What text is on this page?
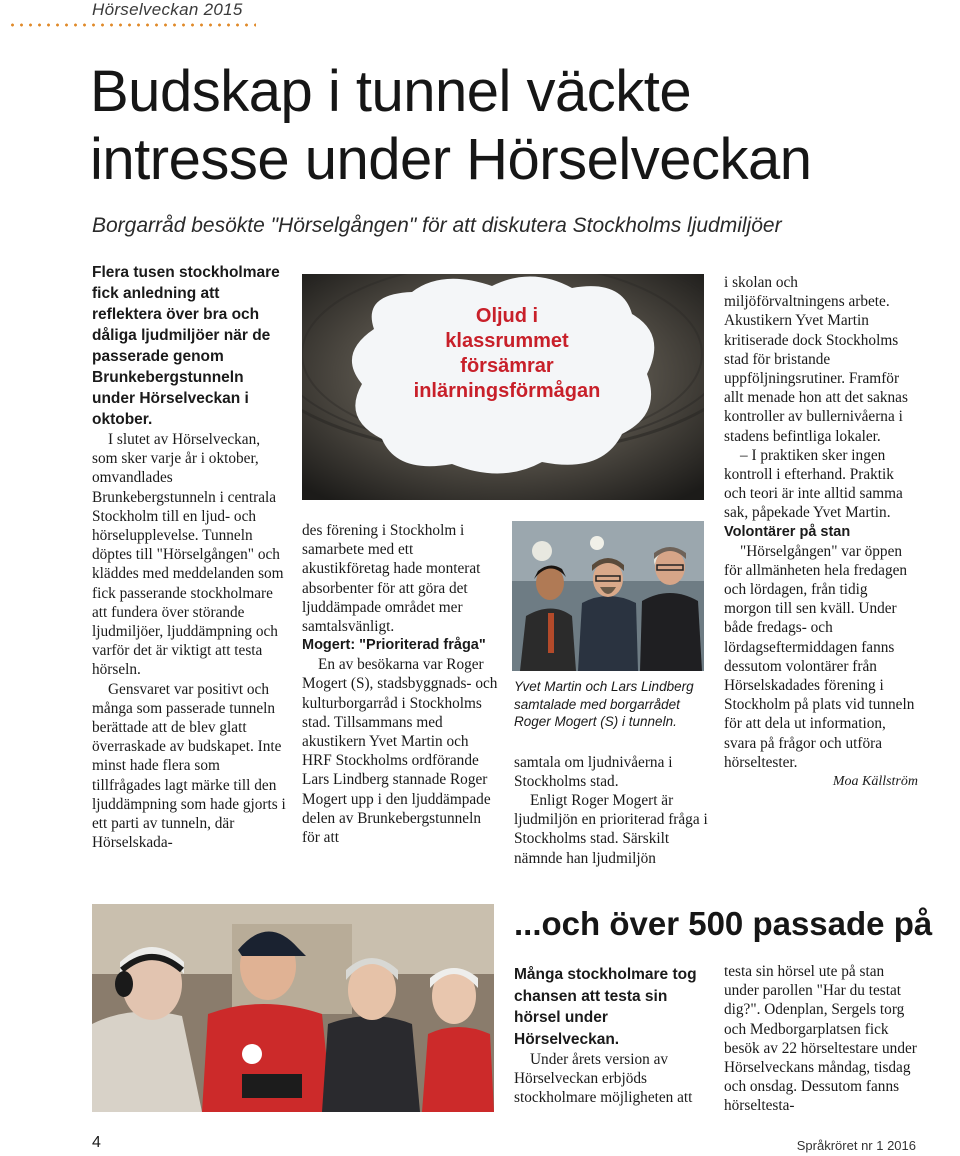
Hörselveckan 2015
Budskap i tunnel väckte
intresse under Hörselveckan
Borgarråd besökte "Hörselgången" för att diskutera Stockholms ljudmiljöer

Flera tusen stockholmare fick anledning att reflektera över bra och dåliga ljudmiljöer när de passerade genom Brunkebergstunneln under Hörselveckan i oktober.

I slutet av Hörselveckan, som sker varje år i oktober, omvandlades Brunkebergstunneln i centrala Stockholm till en ljud- och hörselupplevelse. Tunneln döptes till "Hörselgången" och kläddes med meddelanden som fick passerande stockholmare att fundera över störande ljudmiljöer, ljuddämpning och varför det är viktigt att testa hörseln.

Gensvaret var positivt och många som passerade tunneln berättade att de blev glatt överraskade av budskapet. Inte minst hade flera som tillfrågades lagt märke till den ljuddämpning som hade gjorts i ett parti av tunneln, där Hörselskada-

Oljud i
klassrummet
försämrar
inlärningsförmågan

des förening i Stockholm i samarbete med ett akustikföretag hade monterat absorbenter för att göra det ljuddämpade området mer samtalsvänligt.

Mogert: "Prioriterad fråga"

En av besökarna var Roger Mogert (S), stadsbyggnads- och kulturborgarråd i Stockholms stad. Tillsammans med akustikern Yvet Martin och HRF Stockholms ordförande Lars Lindberg stannade Roger Mogert upp i den ljuddämpade delen av Brunkebergstunneln för att

Yvet Martin och Lars Lindberg samtalade med borgarrådet Roger Mogert (S) i tunneln.

samtala om ljudnivåerna i Stockholms stad.

Enligt Roger Mogert är ljudmiljön en prioriterad fråga i Stockholms stad. Särskilt nämnde han ljudmiljön

i skolan och miljöförvaltningens arbete. Akustikern Yvet Martin kritiserade dock Stockholms stad för bristande uppföljningsrutiner. Framför allt menade hon att det saknas kontroller av bullernivåerna i stadens befintliga lokaler.

– I praktiken sker ingen kontroll i efterhand. Praktik och teori är inte alltid samma sak, påpekade Yvet Martin.

Volontärer på stan

"Hörselgången" var öppen för allmänheten hela fredagen och lördagen, från tidig morgon till sen kväll. Under både fredags- och lördagseftermiddagen fanns dessutom volontärer från Hörselskadades förening i Stockholm på plats vid tunneln för att dela ut information, svara på frågor och utföra hörseltester.

Moa Källström

...och över 500 passade på

Många stockholmare tog chansen att testa sin hörsel under Hörselveckan.

Under årets version av Hörselveckan erbjöds stockholmare möjligheten att

testa sin hörsel ute på stan under parollen "Har du testat dig?". Odenplan, Sergels torg och Medborgarplatsen fick besök av 22 hörseltestare under Hörselveckans måndag, tisdag och onsdag. Dessutom fanns hörseltesta-

4	Språkröret nr 1 2016
